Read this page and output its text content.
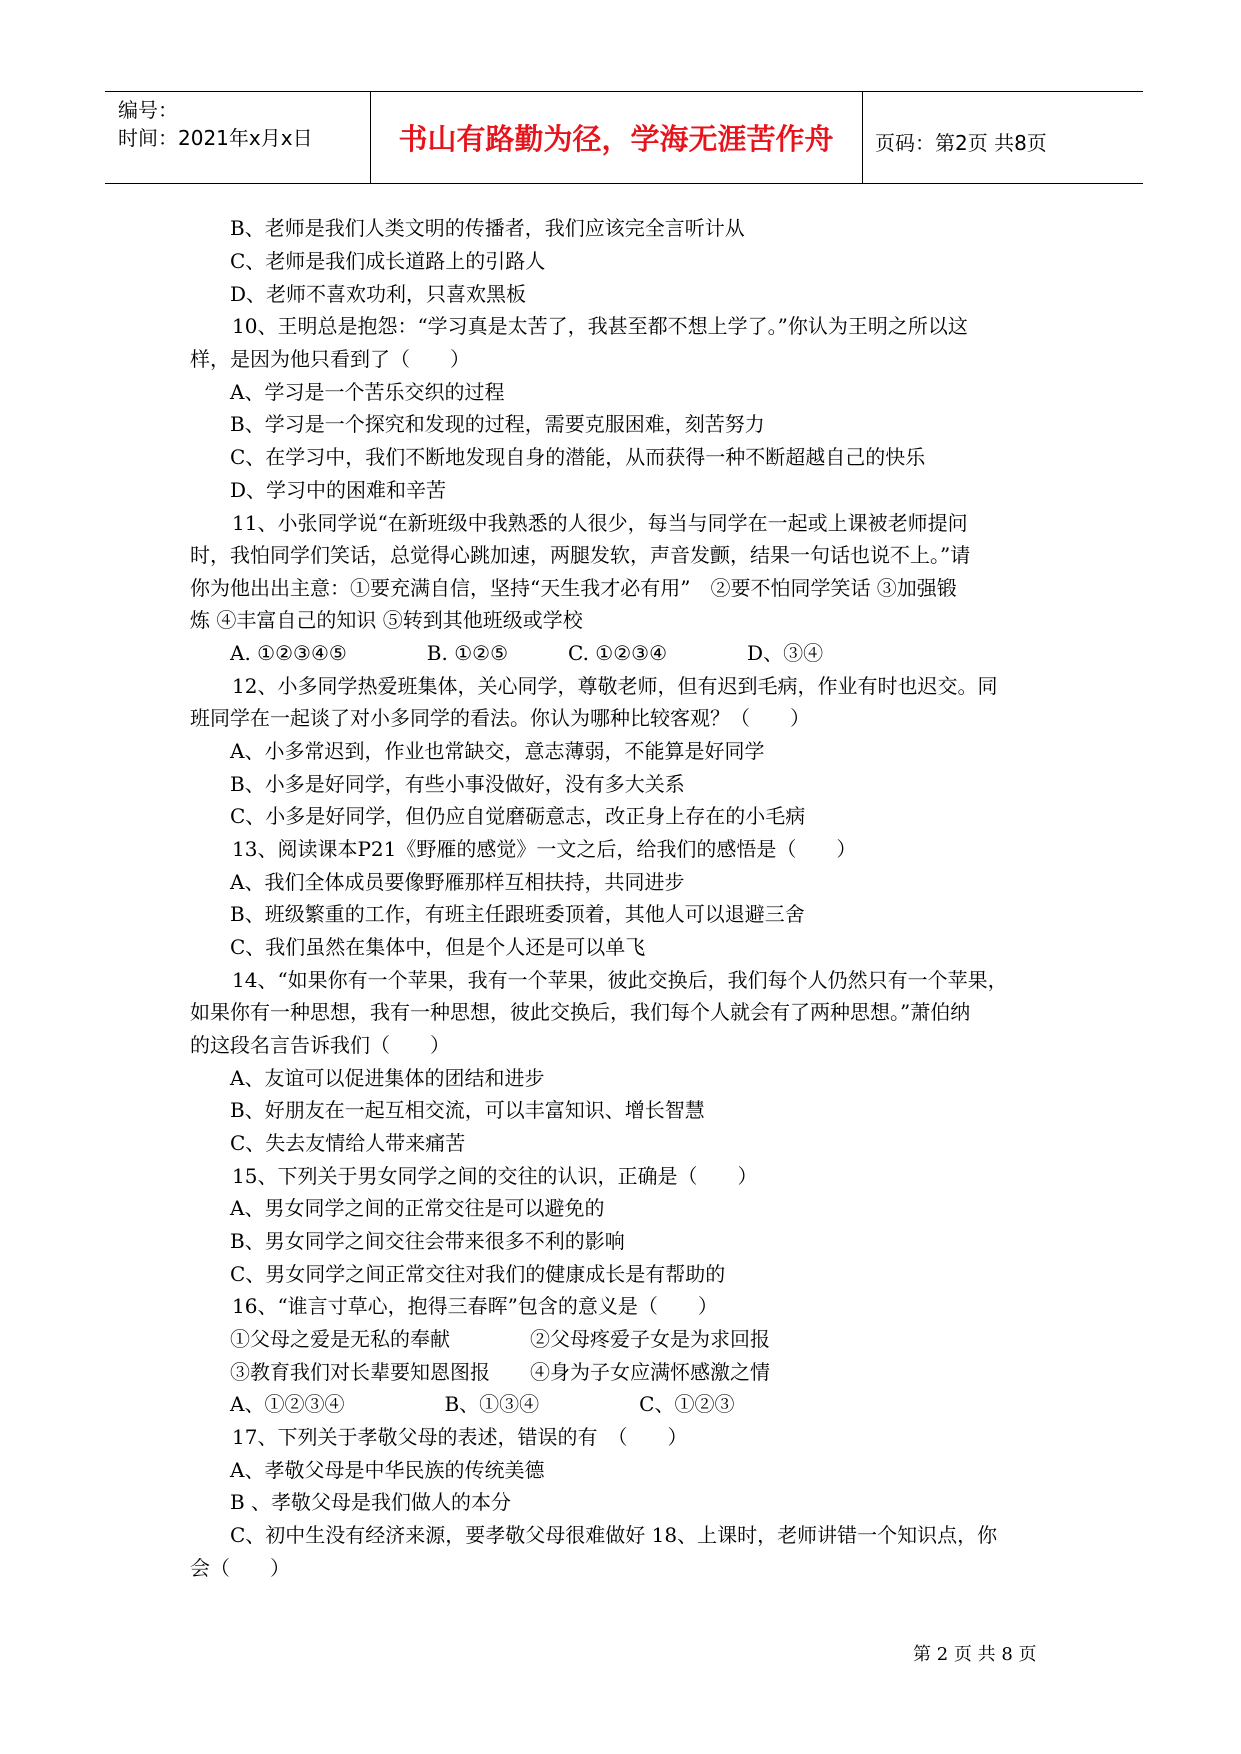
编号：
时间：2021年x月x日	书山有路勤为径，学海无涯苦作舟	页码：第2页 共8页
B、老师是我们人类文明的传播者，我们应该完全言听计从
C、老师是我们成长道路上的引路人
D、老师不喜欢功利，只喜欢黑板
10、王明总是抱怨：“学习真是太苦了，我甚至都不想上学了。”你认为王明之所以这
样，是因为他只看到了（　　）
A、学习是一个苦乐交织的过程
B、学习是一个探究和发现的过程，需要克服困难，刻苦努力
C、在学习中，我们不断地发现自身的潜能，从而获得一种不断超越自己的快乐
D、学习中的困难和辛苦
11、小张同学说“在新班级中我熟悉的人很少，每当与同学在一起或上课被老师提问
时，我怕同学们笑话，总觉得心跳加速，两腿发软，声音发颤，结果一句话也说不上。”请
你为他出出主意：①要充满自信，坚持“天生我才必有用”　②要不怕同学笑话 ③加强锻
炼 ④丰富自己的知识 ⑤转到其他班级或学校
A. ①②③④⑤　　　　B. ①②⑤　　　C. ①②③④　　　　D、③④
12、小多同学热爱班集体，关心同学，尊敬老师，但有迟到毛病，作业有时也迟交。同
班同学在一起谈了对小多同学的看法。你认为哪种比较客观？（　　）
A、小多常迟到，作业也常缺交，意志薄弱，不能算是好同学
B、小多是好同学，有些小事没做好，没有多大关系
C、小多是好同学，但仍应自觉磨砺意志，改正身上存在的小毛病
13、阅读课本P21《野雁的感觉》一文之后，给我们的感悟是（　　）
A、我们全体成员要像野雁那样互相扶持，共同进步
B、班级繁重的工作，有班主任跟班委顶着，其他人可以退避三舍
C、我们虽然在集体中，但是个人还是可以单飞
14、“如果你有一个苹果，我有一个苹果，彼此交换后，我们每个人仍然只有一个苹果，
如果你有一种思想，我有一种思想，彼此交换后，我们每个人就会有了两种思想。”萧伯纳
的这段名言告诉我们（　　）
A、友谊可以促进集体的团结和进步
B、好朋友在一起互相交流，可以丰富知识、增长智慧
C、失去友情给人带来痛苦
15、下列关于男女同学之间的交往的认识，正确是（　　）
A、男女同学之间的正常交往是可以避免的
B、男女同学之间交往会带来很多不利的影响
C、男女同学之间正常交往对我们的健康成长是有帮助的
16、“谁言寸草心，抱得三春晖”包含的意义是（　　）
①父母之爱是无私的奉献　　　　②父母疼爱子女是为求回报
③教育我们对长辈要知恩图报　　④身为子女应满怀感激之情
A、①②③④　　　　　B、①③④　　　　　C、①②③
17、下列关于孝敬父母的表述，错误的有　（　　）
A、孝敬父母是中华民族的传统美德
B 、孝敬父母是我们做人的本分
C、初中生没有经济来源，要孝敬父母很难做好 18、上课时，老师讲错一个知识点，你
会（　　）
第 2 页 共 8 页
